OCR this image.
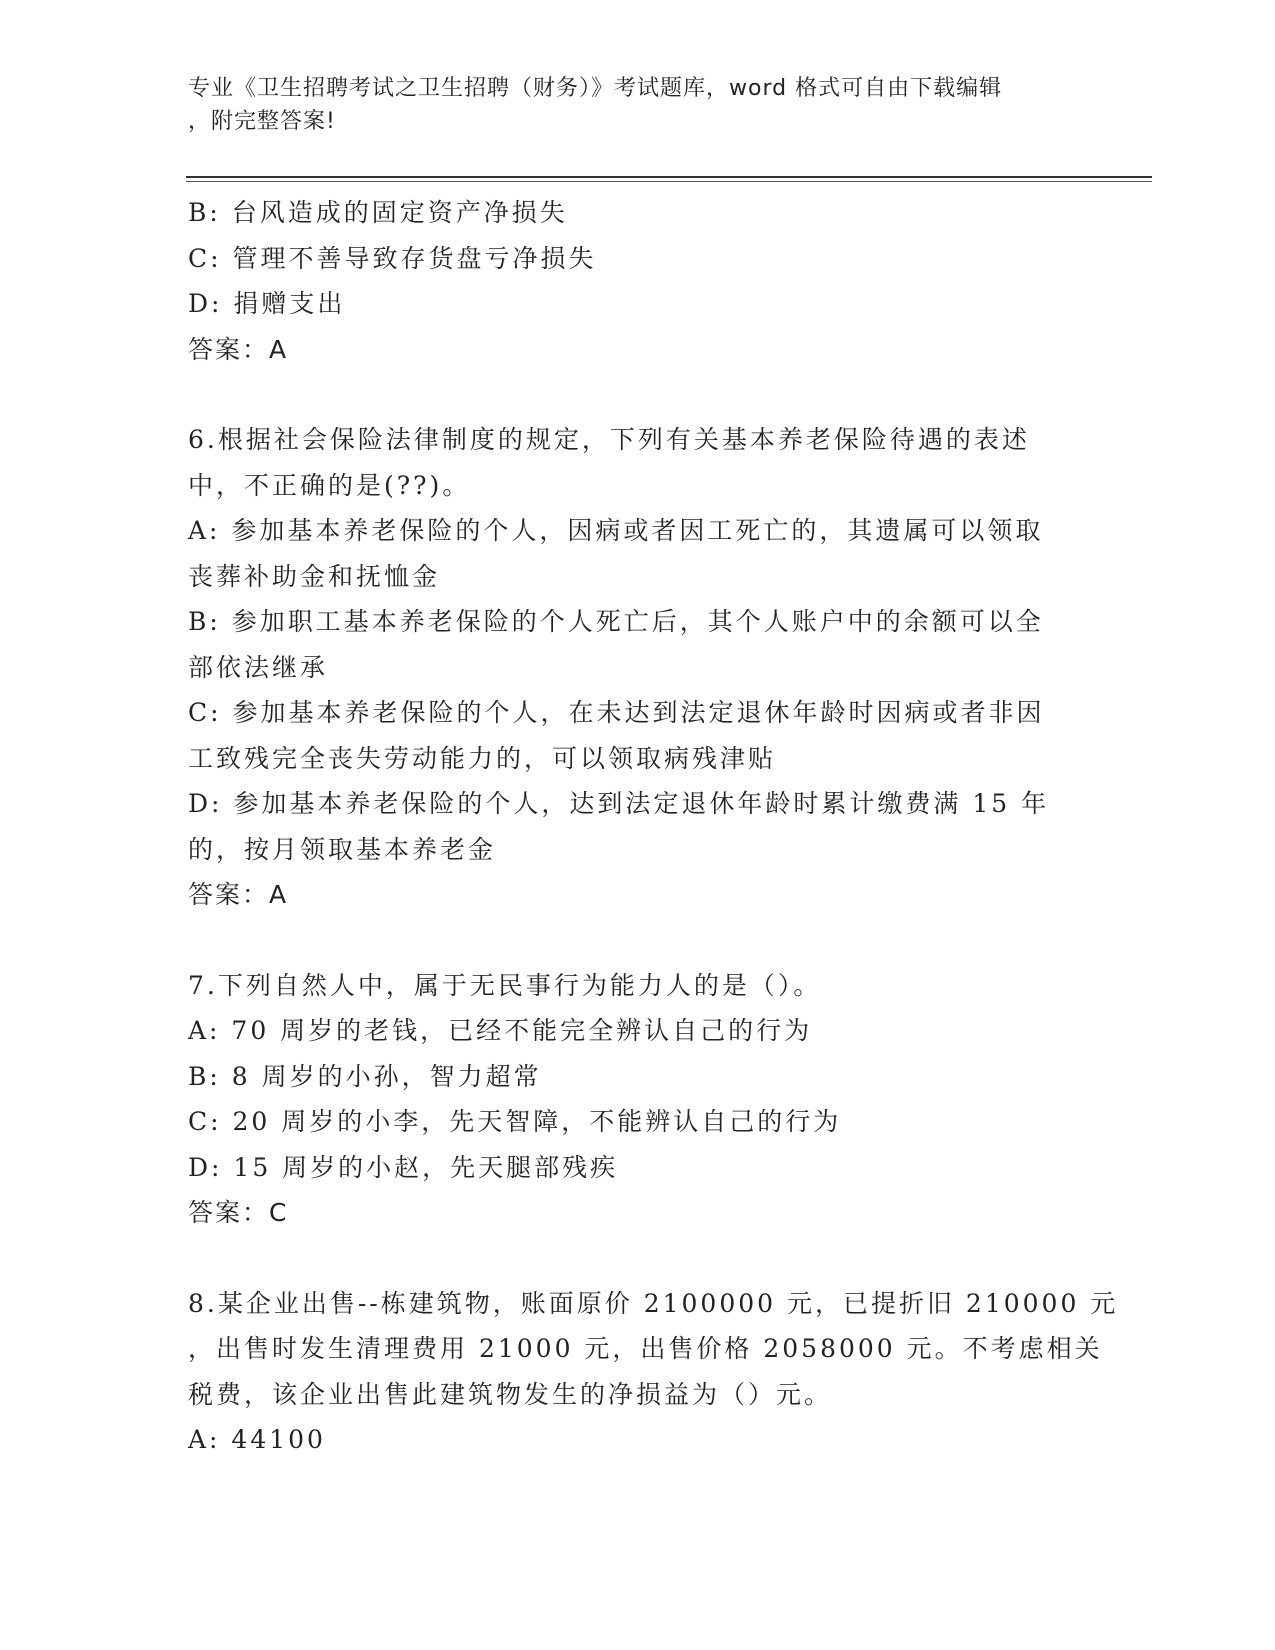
专业《卫生招聘考试之卫生招聘（财务）》考试题库，word 格式可自由下载编辑
，附完整答案!
B: 台风造成的固定资产净损失
C: 管理不善导致存货盘亏净损失
D: 捐赠支出
答案：A
6.根据社会保险法律制度的规定，下列有关基本养老保险待遇的表述
中，不正确的是(??)。
A: 参加基本养老保险的个人，因病或者因工死亡的，其遗属可以领取
丧葬补助金和抚恤金
B: 参加职工基本养老保险的个人死亡后，其个人账户中的余额可以全
部依法继承
C: 参加基本养老保险的个人，在未达到法定退休年龄时因病或者非因
工致残完全丧失劳动能力的，可以领取病残津贴
D: 参加基本养老保险的个人，达到法定退休年龄时累计缴费满 15 年
的，按月领取基本养老金
答案：A
7.下列自然人中，属于无民事行为能力人的是（）。
A: 70 周岁的老钱，已经不能完全辨认自己的行为
B: 8 周岁的小孙，智力超常
C: 20 周岁的小李，先天智障，不能辨认自己的行为
D: 15 周岁的小赵，先天腿部残疾
答案：C
8.某企业出售--栋建筑物，账面原价 2100000 元，已提折旧 210000 元
，出售时发生清理费用 21000 元，出售价格 2058000 元。不考虑相关
税费，该企业出售此建筑物发生的净损益为（）元。
A: 44100
